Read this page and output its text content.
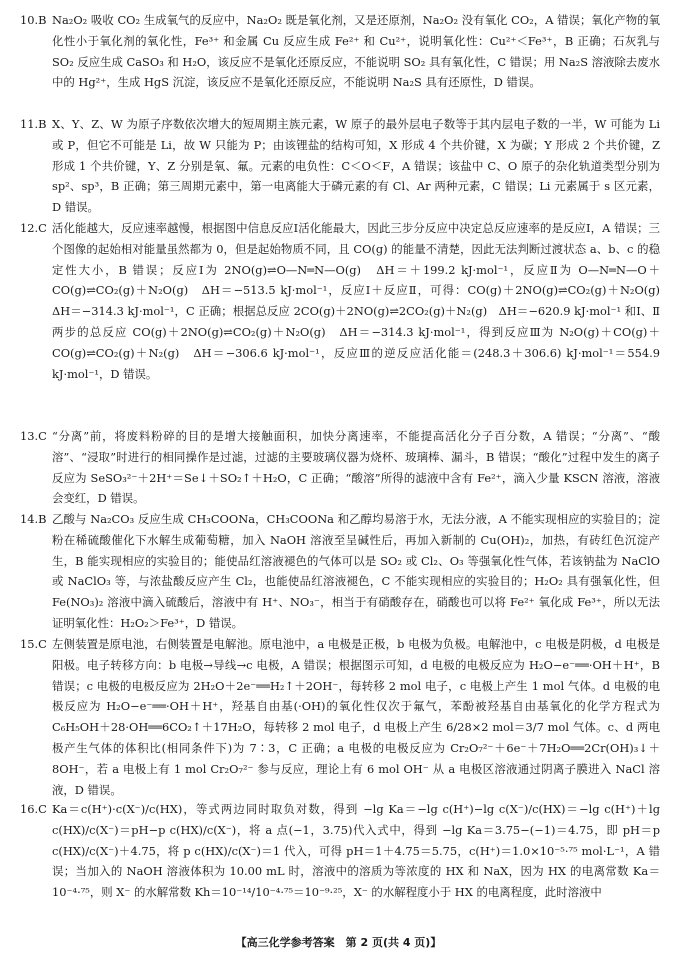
10.B Na₂O₂ 吸收 CO₂ 生成氧气的反应中，Na₂O₂ 既是氧化剂，又是还原剂，Na₂O₂ 没有氧化 CO₂，A 错误；氧化产物的氧化性小于氧化剂的氧化性，Fe³⁺ 和金属 Cu 反应生成 Fe²⁺ 和 Cu²⁺，说明氧化性：Cu²⁺＜Fe³⁺，B 正确；石灰乳与 SO₂ 反应生成 CaSO₃ 和 H₂O，该反应不是氧化还原反应，不能说明 SO₂ 具有氧化性，C 错误；用 Na₂S 溶液除去废水中的 Hg²⁺，生成 HgS 沉淀，该反应不是氧化还原反应，不能说明 Na₂S 具有还原性，D 错误。

11.B X、Y、Z、W 为原子序数依次增大的短周期主族元素，W 原子的最外层电子数等于其内层电子数的一半，W 可能为 Li 或 P，但它不可能是 Li，故 W 只能为 P；由该锂盐的结构可知，X 形成 4 个共价键，X 为碳；Y 形成 2 个共价键，Z 形成 1 个共价键，Y、Z 分别是氧、氟。元素的电负性：C＜O＜F，A 错误；该盐中 C、O 原子的杂化轨道类型分别为 sp²、sp³，B 正确；第三周期元素中，第一电离能大于磷元素的有 Cl、Ar 两种元素，C 错误；Li 元素属于 s 区元素，D 错误。

12.C 活化能越大，反应速率越慢，根据图中信息反应Ⅰ活化能最大，因此三步分反应中决定总反应速率的是反应Ⅰ，A 错误；三个图像的起始相对能量虽然都为 0，但是起始物质不同，且 CO(g) 的能量不清楚，因此无法判断过渡状态 a、b、c 的稳定性大小，B 错误；反应Ⅰ为 2NO(g)⇌O—N═N—O(g)　ΔH＝＋199.2 kJ·mol⁻¹，反应Ⅱ为 O—N═N—O＋CO(g)⇌CO₂(g)＋N₂O(g)　ΔH＝−513.5 kJ·mol⁻¹，反应Ⅰ＋反应Ⅱ，可得：CO(g)＋2NO(g)⇌CO₂(g)＋N₂O(g)　ΔH＝−314.3 kJ·mol⁻¹，C 正确；根据总反应 2CO(g)＋2NO(g)⇌2CO₂(g)＋N₂(g)　ΔH＝−620.9 kJ·mol⁻¹ 和Ⅰ、Ⅱ两步的总反应 CO(g)＋2NO(g)⇌CO₂(g)＋N₂O(g)　ΔH＝−314.3 kJ·mol⁻¹，得到反应Ⅲ为 N₂O(g)＋CO(g)＋CO(g)⇌CO₂(g)＋N₂(g)　ΔH＝−306.6 kJ·mol⁻¹，反应Ⅲ的逆反应活化能＝(248.3＋306.6) kJ·mol⁻¹＝554.9 kJ·mol⁻¹，D 错误。

13.C “分离”前，将废料粉碎的目的是增大接触面积，加快分离速率，不能提高活化分子百分数，A 错误；“分离”、“酸溶”、“浸取”时进行的相同操作是过滤，过滤的主要玻璃仪器为烧杯、玻璃棒、漏斗，B 错误；“酸化”过程中发生的离子反应为 SeSO₃²⁻＋2H⁺＝Se↓＋SO₂↑＋H₂O，C 正确；“酸溶”所得的滤液中含有 Fe²⁺，滴入少量 KSCN 溶液，溶液会变红，D 错误。

14.B 乙酸与 Na₂CO₃ 反应生成 CH₃COONa，CH₃COONa 和乙醇均易溶于水，无法分液，A 不能实现相应的实验目的；淀粉在稀硫酸催化下水解生成葡萄糖，加入 NaOH 溶液至呈碱性后，再加入新制的 Cu(OH)₂，加热，有砖红色沉淀产生，B 能实现相应的实验目的；能使品红溶液褪色的气体可以是 SO₂ 或 Cl₂、O₃ 等强氧化性气体，若该钠盐为 NaClO 或 NaClO₃ 等，与浓盐酸反应产生 Cl₂，也能使品红溶液褪色，C 不能实现相应的实验目的；H₂O₂ 具有强氧化性，但 Fe(NO₃)₂ 溶液中滴入硫酸后，溶液中有 H⁺、NO₃⁻，相当于有硝酸存在，硝酸也可以将 Fe²⁺ 氧化成 Fe³⁺，所以无法证明氧化性：H₂O₂＞Fe³⁺，D 错误。

15.C 左侧装置是原电池，右侧装置是电解池。原电池中，a 电极是正极，b 电极为负极。电解池中，c 电极是阴极，d 电极是阳极。电子转移方向：b 电极→导线→c 电极，A 错误；根据图示可知，d 电极的电极反应为 H₂O−e⁻══·OH＋H⁺，B 错误；c 电极的电极反应为 2H₂O＋2e⁻══H₂↑＋2OH⁻，每转移 2 mol 电子，c 电极上产生 1 mol 气体。d 电极的电极反应为 H₂O−e⁻══·OH＋H⁺，羟基自由基(·OH)的氧化性仅次于氟气，苯酚被羟基自由基氧化的化学方程式为 C₆H₅OH＋28·OH══6CO₂↑＋17H₂O，每转移 2 mol 电子，d 电极上产生 6/28×2 mol＝3/7 mol 气体。c、d 两电极产生气体的体积比(相同条件下)为 7∶3，C 正确；a 电极的电极反应为 Cr₂O₇²⁻＋6e⁻＋7H₂O══2Cr(OH)₃↓＋8OH⁻，若 a 电极上有 1 mol Cr₂O₇²⁻ 参与反应，理论上有 6 mol OH⁻ 从 a 电极区溶液通过阴离子膜进入 NaCl 溶液，D 错误。

16.C Ka＝c(H⁺)·c(X⁻)/c(HX)，等式两边同时取负对数，得到 −lg Ka＝−lg c(H⁺)−lg c(X⁻)/c(HX)＝−lg c(H⁺)＋lg c(HX)/c(X⁻)＝pH−p c(HX)/c(X⁻)，将 a 点(−1，3.75)代入式中，得到 −lg Ka＝3.75−(−1)＝4.75，即 pH＝p c(HX)/c(X⁻)＋4.75，将 p c(HX)/c(X⁻)＝1 代入，可得 pH＝1＋4.75＝5.75，c(H⁺)＝1.0×10⁻⁵·⁷⁵ mol·L⁻¹，A 错误；当加入的 NaOH 溶液体积为 10.00 mL 时，溶液中的溶质为等浓度的 HX 和 NaX，因为 HX 的电离常数 Ka＝10⁻⁴·⁷⁵，则 X⁻ 的水解常数 Kh＝10⁻¹⁴/10⁻⁴·⁷⁵＝10⁻⁹·²⁵，X⁻ 的水解程度小于 HX 的电离程度，此时溶液中

【高三化学参考答案　第 2 页(共 4 页)】
